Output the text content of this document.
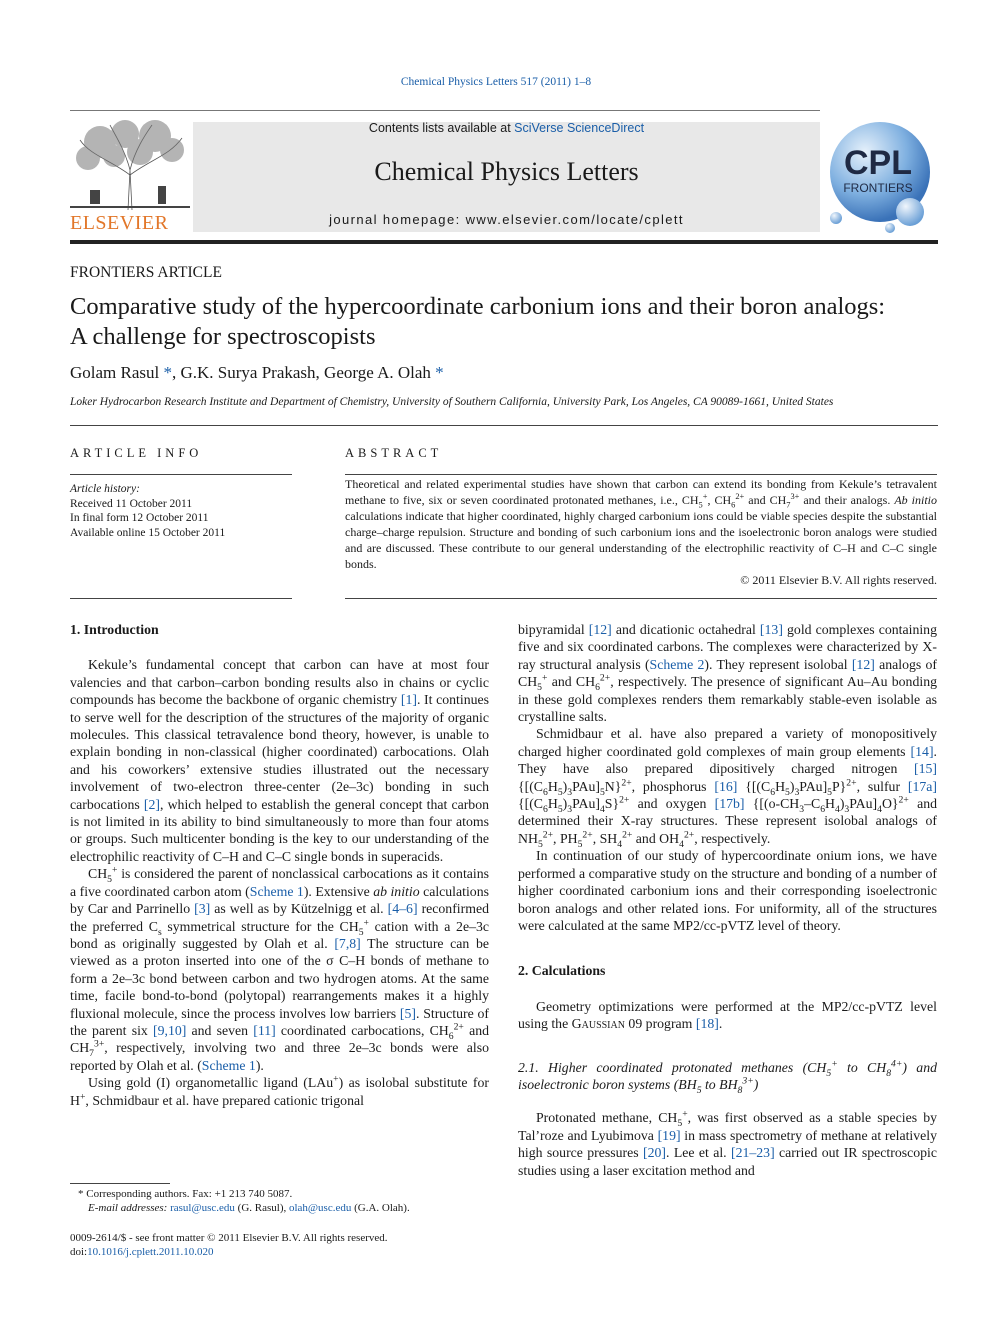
Chemical Physics Letters 517 (2011) 1–8
ELSEVIER
Contents lists available at SciVerse ScienceDirect
Chemical Physics Letters
journal homepage: www.elsevier.com/locate/cplett
CPL
FRONTIERS
FRONTIERS ARTICLE
Comparative study of the hypercoordinate carbonium ions and their boron analogs:
A challenge for spectroscopists
Golam Rasul *, G.K. Surya Prakash, George A. Olah *
Loker Hydrocarbon Research Institute and Department of Chemistry, University of Southern California, University Park, Los Angeles, CA 90089-1661, United States
ARTICLE INFO
Article history:
Received 11 October 2011
In final form 12 October 2011
Available online 15 October 2011
ABSTRACT
Theoretical and related experimental studies have shown that carbon can extend its bonding from Kekule’s tetravalent methane to five, six or seven coordinated protonated methanes, i.e., $CH_5^+$, $CH_6^{2+}$ and $CH_7^{3+}$ and their analogs. Ab initio calculations indicate that higher coordinated, highly charged carbonium ions could be viable species despite the substantial charge–charge repulsion. Structure and bonding of such carbonium ions and the isoelectronic boron analogs were studied and are discussed. These contribute to our general understanding of the electrophilic reactivity of C–H and C–C single bonds.
© 2011 Elsevier B.V. All rights reserved.
1. Introduction

Kekule’s fundamental concept that carbon can have at most four valencies and that carbon–carbon bonding results also in chains or cyclic compounds has become the backbone of organic chemistry [1]. It continues to serve well for the description of the structures of the majority of organic molecules. This classical tetravalence bond theory, however, is unable to explain bonding in non-classical (higher coordinated) carbocations. Olah and his coworkers’ extensive studies illustrated out the necessary involvement of two-electron three-center (2e–3c) bonding in such carbocations [2], which helped to establish the general concept that carbon is not limited in its ability to bind simultaneously to more than four atoms or groups. Such multicenter bonding is the key to our understanding of the electrophilic reactivity of C–H and C–C single bonds in superacids.

$CH_5^+$ is considered the parent of nonclassical carbocations as it contains a five coordinated carbon atom (Scheme 1). Extensive ab initio calculations by Car and Parrinello [3] as well as by Kützelnigg et al. [4–6] reconfirmed the preferred $C_s$ symmetrical structure for the $CH_5^+$ cation with a 2e–3c bond as originally suggested by Olah et al. [7,8] The structure can be viewed as a proton inserted into one of the σ C–H bonds of methane to form a 2e–3c bond between carbon and two hydrogen atoms. At the same time, facile bond-to-bond (polytopal) rearrangements makes it a highly fluxional molecule, since the process involves low barriers [5]. Structure of the parent six [9,10] and seven [11] coordinated carbocations, $CH_6^{2+}$ and $CH_7^{3+}$, respectively, involving two and three 2e–3c bonds were also reported by Olah et al. (Scheme 1).

Using gold (I) organometallic ligand (LAu+) as isolobal substitute for H+, Schmidbaur et al. have prepared cationic trigonal

* Corresponding authors. Fax: +1 213 740 5087.
E-mail addresses: rasul@usc.edu (G. Rasul), olah@usc.edu (G.A. Olah).
0009-2614/$ - see front matter © 2011 Elsevier B.V. All rights reserved.
doi:10.1016/j.cplett.2011.10.020

bipyramidal [12] and dicationic octahedral [13] gold complexes containing five and six coordinated carbons. The complexes were characterized by X-ray structural analysis (Scheme 2). They represent isolobal [12] analogs of $CH_5^+$ and $CH_6^{2+}$, respectively. The presence of significant Au–Au bonding in these gold complexes renders them remarkably stable-even isolable as crystalline salts.

Schmidbaur et al. have also prepared a variety of monopositively charged higher coordinated gold complexes of main group elements [14]. They have also prepared dipositively charged nitrogen [15] $\{[(C_6H_5)_3PAu]_5N\}^{2+}$, phosphorus [16] $\{[(C_6H_5)_3PAu]_5P\}^{2+}$, sulfur [17a] $\{[(C_6H_5)_3PAu]_4S\}^{2+}$ and oxygen [17b] $\{[(o-CH_3-C_6H_4)_3PAu]_4O\}^{2+}$ and determined their X-ray structures. These represent isolobal analogs of $NH_5^{2+}$, $PH_5^{2+}$, $SH_4^{2+}$ and $OH_4^{2+}$, respectively.

In continuation of our study of hypercoordinate onium ions, we have performed a comparative study on the structure and bonding of a number of higher coordinated carbonium ions and their corresponding isoelectronic boron analogs and other related ions. For uniformity, all of the structures were calculated at the same MP2/cc-pVTZ level of theory.

2. Calculations

Geometry optimizations were performed at the MP2/cc-pVTZ level using the Gaussian 09 program [18].

2.1. Higher coordinated protonated methanes ($CH_5^+$ to $CH_8^{4+}$) and isoelectronic boron systems ($BH_5$ to $BH_8^{3+}$)

Protonated methane, $CH_5^+$, was first observed as a stable species by Tal’roze and Lyubimova [19] in mass spectrometry of methane at relatively high source pressures [20]. Lee et al. [21–23] carried out IR spectroscopic studies using a laser excitation method and
